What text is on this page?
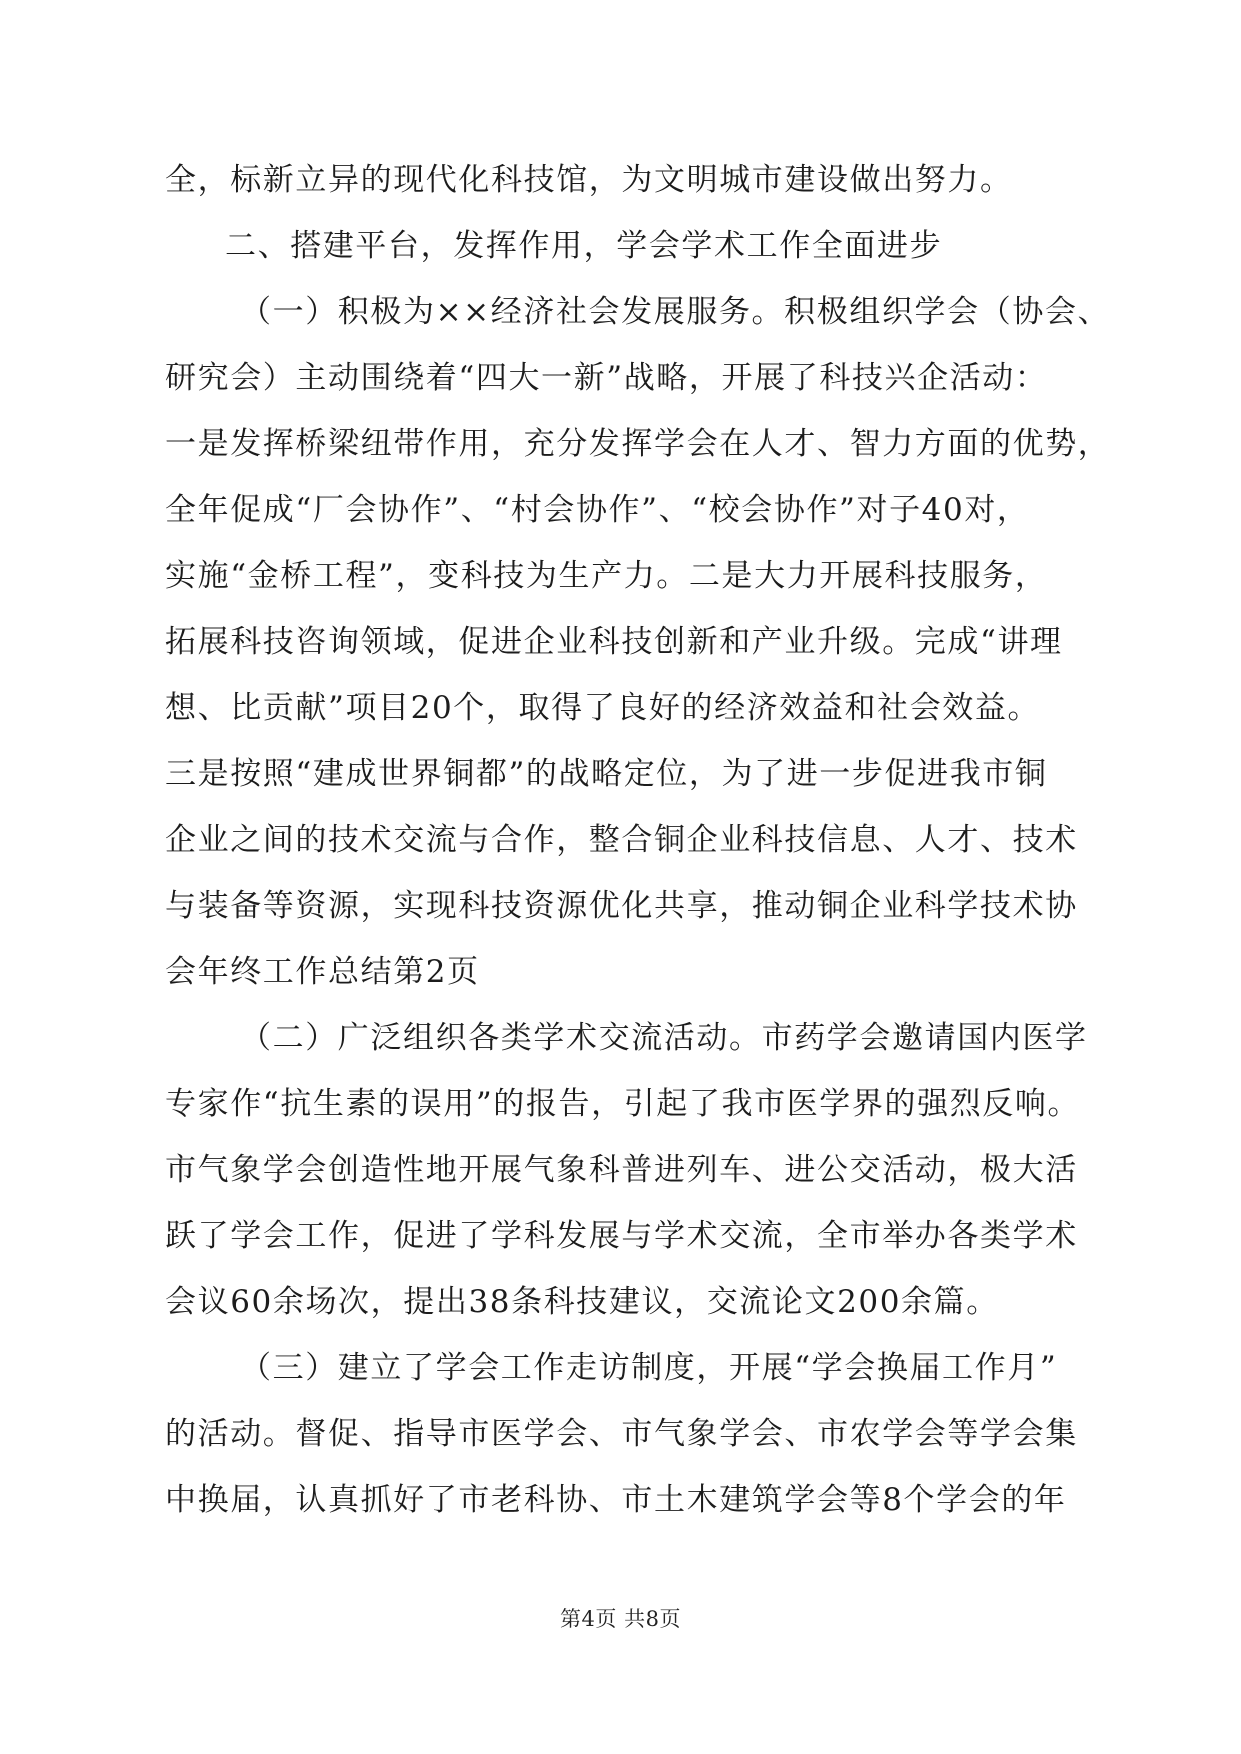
全，标新立异的现代化科技馆，为文明城市建设做出努力。
二、搭建平台，发挥作用，学会学术工作全面进步
（一）积极为××经济社会发展服务。积极组织学会（协会、
研究会）主动围绕着“四大一新”战略，开展了科技兴企活动：
一是发挥桥梁纽带作用，充分发挥学会在人才、智力方面的优势，
全年促成“厂会协作”、“村会协作”、“校会协作”对子40对，
实施“金桥工程”，变科技为生产力。二是大力开展科技服务，
拓展科技咨询领域，促进企业科技创新和产业升级。完成“讲理
想、比贡献”项目20个，取得了良好的经济效益和社会效益。
三是按照“建成世界铜都”的战略定位，为了进一步促进我市铜
企业之间的技术交流与合作，整合铜企业科技信息、人才、技术
与装备等资源，实现科技资源优化共享，推动铜企业科学技术协
会年终工作总结第2页
（二）广泛组织各类学术交流活动。市药学会邀请国内医学
专家作“抗生素的误用”的报告，引起了我市医学界的强烈反响。
市气象学会创造性地开展气象科普进列车、进公交活动，极大活
跃了学会工作，促进了学科发展与学术交流，全市举办各类学术
会议60余场次，提出38条科技建议，交流论文200余篇。
（三）建立了学会工作走访制度，开展“学会换届工作月”
的活动。督促、指导市医学会、市气象学会、市农学会等学会集
中换届，认真抓好了市老科协、市土木建筑学会等8个学会的年
第4页 共8页
